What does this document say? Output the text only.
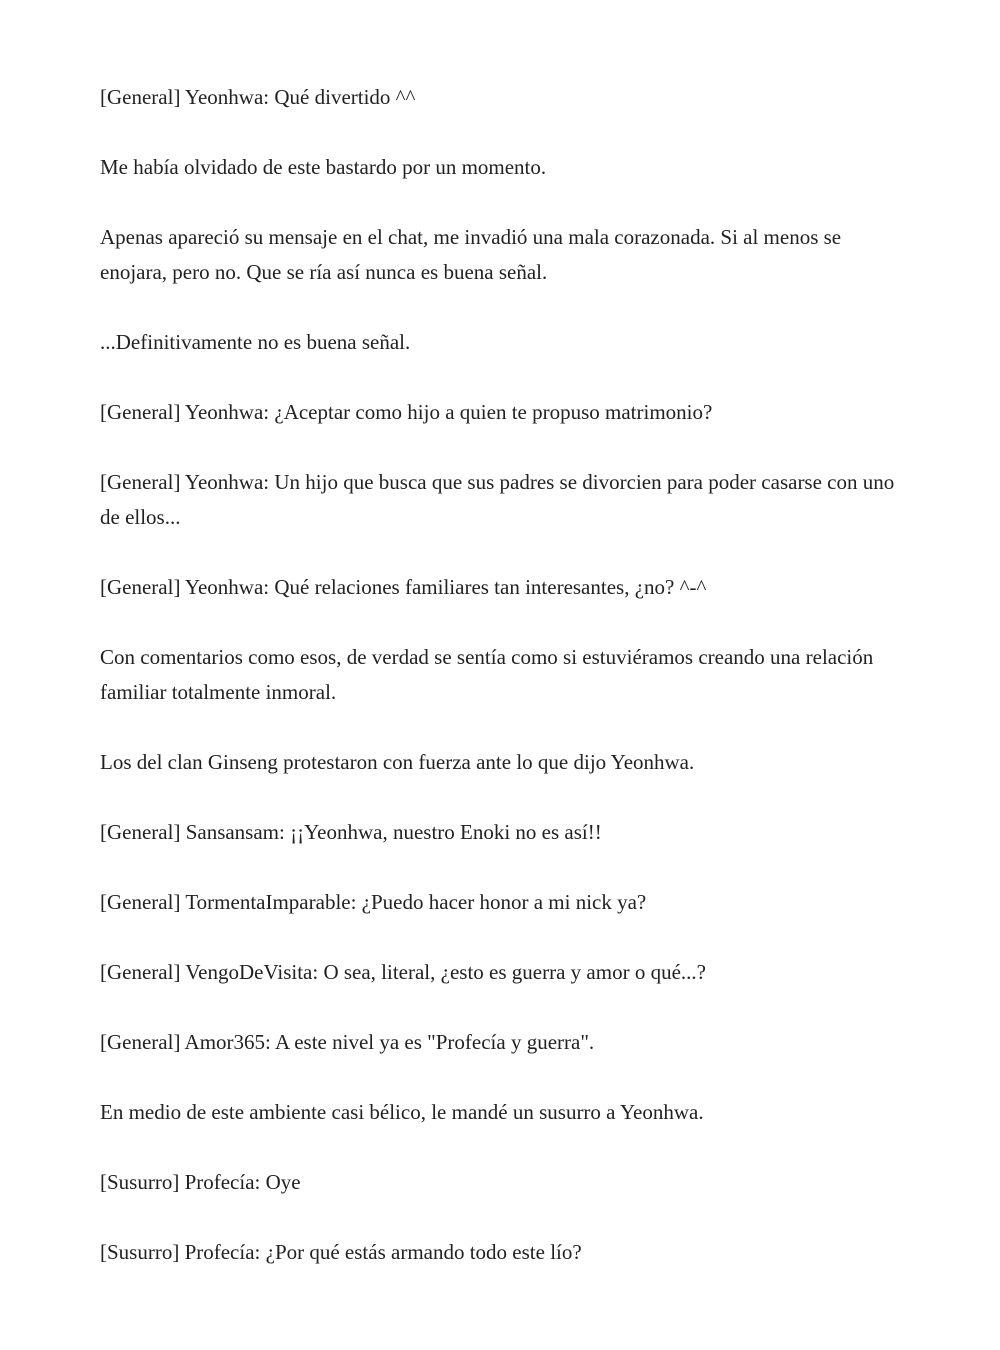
[General] Yeonhwa: Qué divertido ^^

Me había olvidado de este bastardo por un momento.

Apenas apareció su mensaje en el chat, me invadió una mala corazonada. Si al menos se enojara, pero no. Que se ría así nunca es buena señal.

...Definitivamente no es buena señal.

[General] Yeonhwa: ¿Aceptar como hijo a quien te propuso matrimonio?

[General] Yeonhwa: Un hijo que busca que sus padres se divorcien para poder casarse con uno de ellos...

[General] Yeonhwa: Qué relaciones familiares tan interesantes, ¿no? ^-^

Con comentarios como esos, de verdad se sentía como si estuviéramos creando una relación familiar totalmente inmoral.

Los del clan Ginseng protestaron con fuerza ante lo que dijo Yeonhwa.

[General] Sansansam: ¡¡Yeonhwa, nuestro Enoki no es así!!

[General] TormentaImparable: ¿Puedo hacer honor a mi nick ya?

[General] VengoDeVisita: O sea, literal, ¿esto es guerra y amor o qué...?

[General] Amor365: A este nivel ya es "Profecía y guerra".

En medio de este ambiente casi bélico, le mandé un susurro a Yeonhwa.

[Susurro] Profecía: Oye

[Susurro] Profecía: ¿Por qué estás armando todo este lío?
